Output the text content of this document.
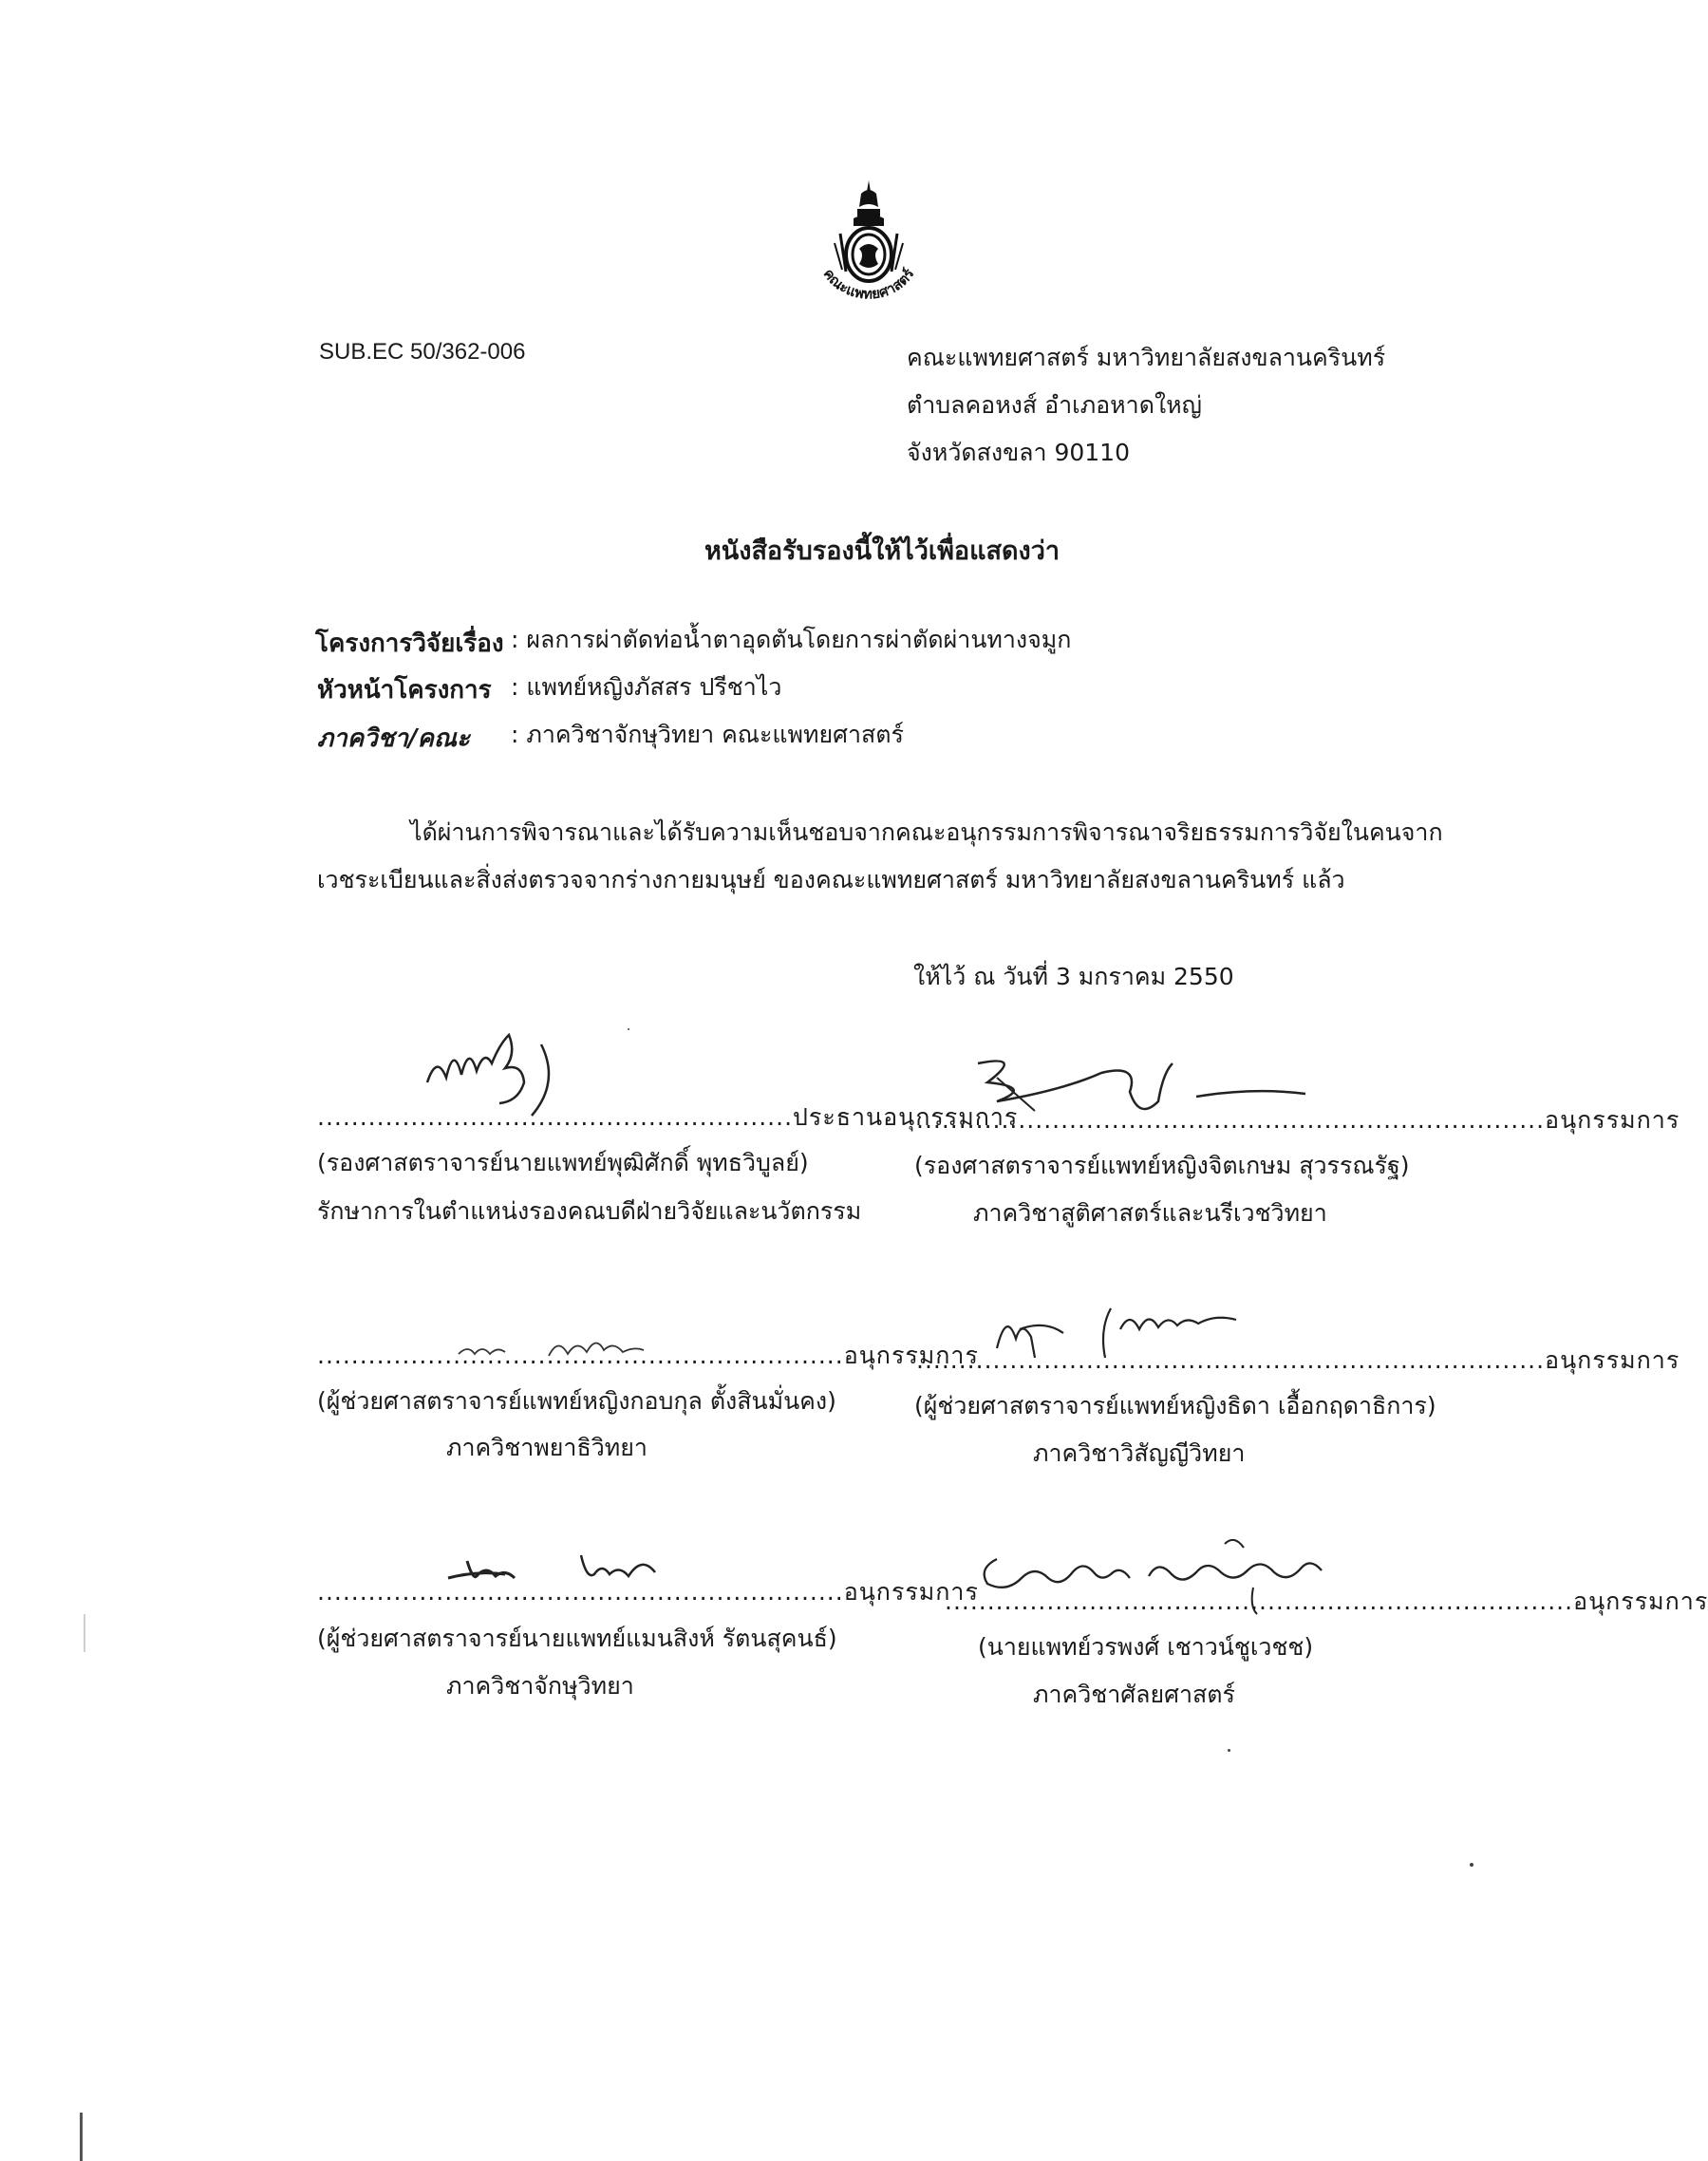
คณะแพทยศาสตร์
SUB.EC 50/362-006	คณะแพทยศาสตร์ มหาวิทยาลัยสงขลานครินทร์
ตำบลคอหงส์ อำเภอหาดใหญ่
จังหวัดสงขลา 90110
หนังสือรับรองนี้ให้ไว้เพื่อแสดงว่า
โครงการวิจัยเรื่อง : ผลการผ่าตัดท่อน้ำตาอุดตันโดยการผ่าตัดผ่านทางจมูก
หัวหน้าโครงการ : แพทย์หญิงภัสสร ปรีชาไว
ภาควิชา/คณะ : ภาควิชาจักษุวิทยา คณะแพทยศาสตร์
ได้ผ่านการพิจารณาและได้รับความเห็นชอบจากคณะอนุกรรมการพิจารณาจริยธรรมการวิจัยในคนจาก
เวชระเบียนและสิ่งส่งตรวจจากร่างกายมนุษย์ ของคณะแพทยศาสตร์ มหาวิทยาลัยสงขลานครินทร์ แล้ว
ให้ไว้ ณ วันที่ 3 มกราคม 2550
........................................................ประธานอนุกรรมการ
(รองศาสตราจารย์นายแพทย์พุฒิศักดิ์ พุทธวิบูลย์)
รักษาการในตำแหน่งรองคณบดีฝ่ายวิจัยและนวัตกรรม
..........................................................................อนุกรรมการ
(รองศาสตราจารย์แพทย์หญิงจิตเกษม สุวรรณรัฐ)
ภาควิชาสูติศาสตร์และนรีเวชวิทยา
..............................................................อนุกรรมการ
(ผู้ช่วยศาสตราจารย์แพทย์หญิงกอบกุล ตั้งสินมั่นคง)
ภาควิชาพยาธิวิทยา
..........................................................................อนุกรรมการ
(ผู้ช่วยศาสตราจารย์แพทย์หญิงธิดา เอื้อกฤดาธิการ)
ภาควิชาวิสัญญีวิทยา
..............................................................อนุกรรมการ
(ผู้ช่วยศาสตราจารย์นายแพทย์แมนสิงห์ รัตนสุคนธ์)
ภาควิชาจักษุวิทยา
..........................................................................อนุกรรมการ
(นายแพทย์วรพงศ์ เชาวน์ชูเวชช)
ภาควิชาศัลยศาสตร์
